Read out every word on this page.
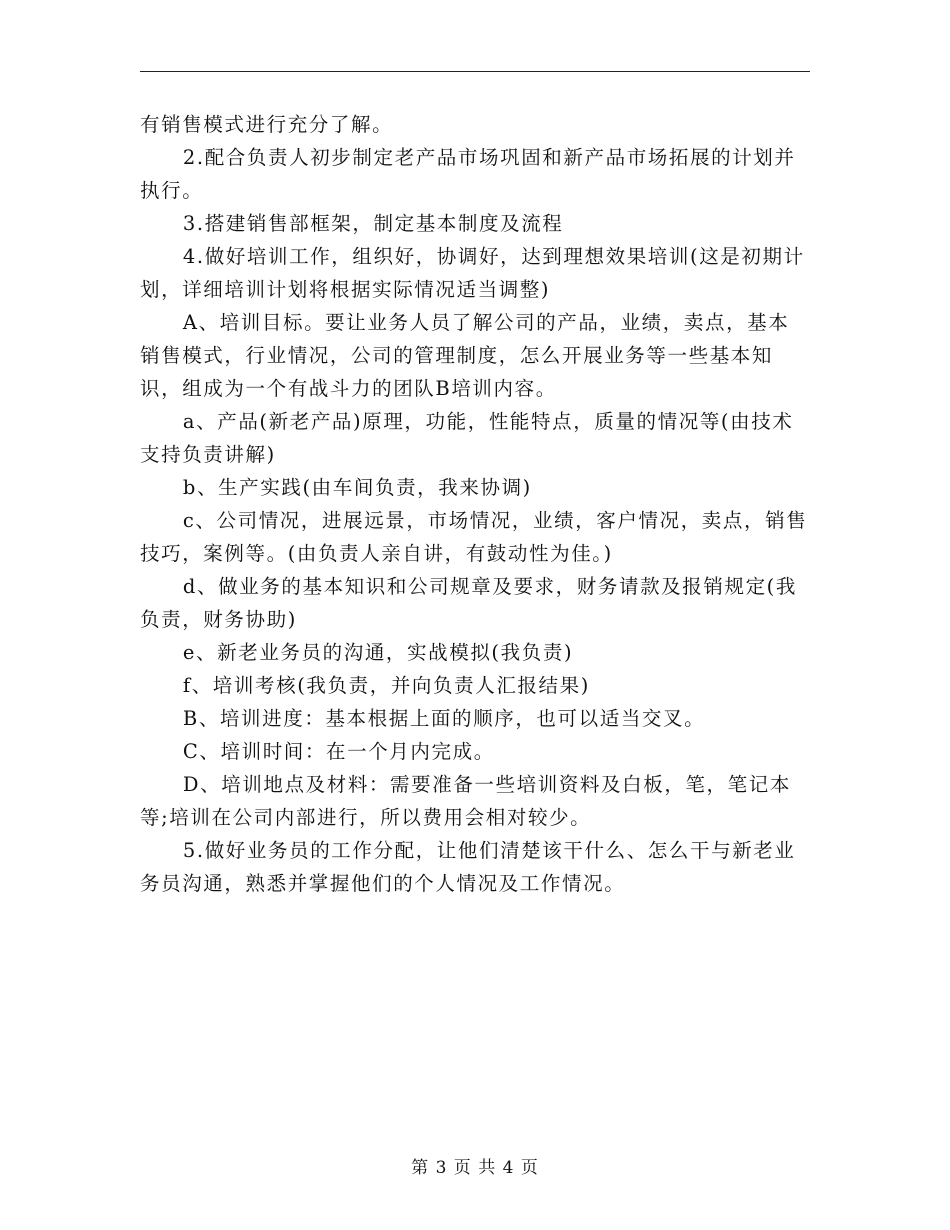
有销售模式进行充分了解。

2.配合负责人初步制定老产品市场巩固和新产品市场拓展的计划并执行。

3.搭建销售部框架，制定基本制度及流程

4.做好培训工作，组织好，协调好，达到理想效果培训(这是初期计划，详细培训计划将根据实际情况适当调整)

A、培训目标。要让业务人员了解公司的产品，业绩，卖点，基本销售模式，行业情况，公司的管理制度，怎么开展业务等一些基本知识，组成为一个有战斗力的团队B培训内容。

a、产品(新老产品)原理，功能，性能特点，质量的情况等(由技术支持负责讲解)

b、生产实践(由车间负责，我来协调)

c、公司情况，进展远景，市场情况，业绩，客户情况，卖点，销售技巧，案例等。(由负责人亲自讲，有鼓动性为佳。)

d、做业务的基本知识和公司规章及要求，财务请款及报销规定(我负责，财务协助)

e、新老业务员的沟通，实战模拟(我负责)

f、培训考核(我负责，并向负责人汇报结果)

B、培训进度：基本根据上面的顺序，也可以适当交叉。

C、培训时间：在一个月内完成。

D、培训地点及材料：需要准备一些培训资料及白板，笔，笔记本等;培训在公司内部进行，所以费用会相对较少。

5.做好业务员的工作分配，让他们清楚该干什么、怎么干与新老业务员沟通，熟悉并掌握他们的个人情况及工作情况。

第 3 页 共 4 页
